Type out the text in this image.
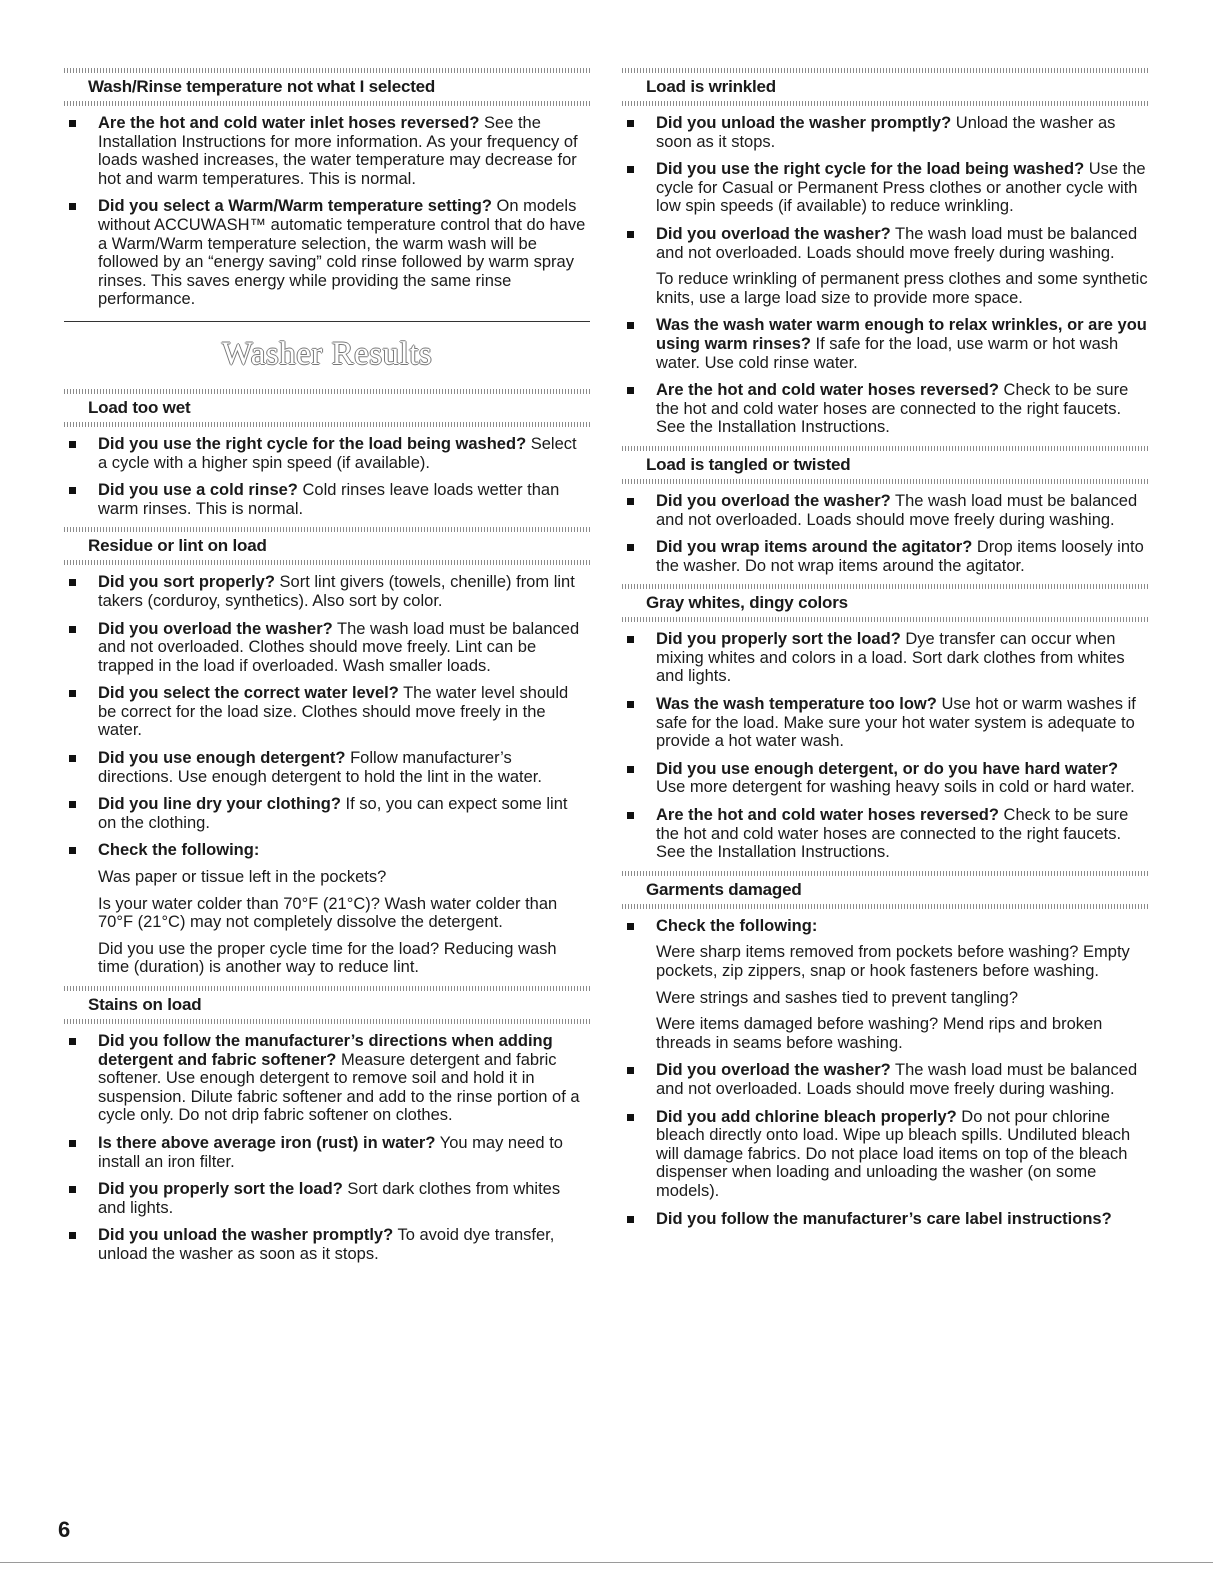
Wash/Rinse temperature not what I selected
Are the hot and cold water inlet hoses reversed? See the Installation Instructions for more information. As your frequency of loads washed increases, the water temperature may decrease for hot and warm temperatures. This is normal.
Did you select a Warm/Warm temperature setting? On models without ACCUWASH™ automatic temperature control that do have a Warm/Warm temperature selection, the warm wash will be followed by an “energy saving” cold rinse followed by warm spray rinses. This saves energy while providing the same rinse performance.
Washer Results
Load too wet
Did you use the right cycle for the load being washed? Select a cycle with a higher spin speed (if available).
Did you use a cold rinse? Cold rinses leave loads wetter than warm rinses. This is normal.
Residue or lint on load
Did you sort properly? Sort lint givers (towels, chenille) from lint takers (corduroy, synthetics). Also sort by color.
Did you overload the washer? The wash load must be balanced and not overloaded. Clothes should move freely. Lint can be trapped in the load if overloaded. Wash smaller loads.
Did you select the correct water level? The water level should be correct for the load size. Clothes should move freely in the water.
Did you use enough detergent? Follow manufacturer’s directions. Use enough detergent to hold the lint in the water.
Did you line dry your clothing? If so, you can expect some lint on the clothing.
Check the following:
Was paper or tissue left in the pockets?
Is your water colder than 70°F (21°C)? Wash water colder than 70°F (21°C) may not completely dissolve the detergent.
Did you use the proper cycle time for the load? Reducing wash time (duration) is another way to reduce lint.
Stains on load
Did you follow the manufacturer’s directions when adding detergent and fabric softener? Measure detergent and fabric softener. Use enough detergent to remove soil and hold it in suspension. Dilute fabric softener and add to the rinse portion of a cycle only. Do not drip fabric softener on clothes.
Is there above average iron (rust) in water? You may need to install an iron filter.
Did you properly sort the load? Sort dark clothes from whites and lights.
Did you unload the washer promptly? To avoid dye transfer, unload the washer as soon as it stops.
Load is wrinkled
Did you unload the washer promptly? Unload the washer as soon as it stops.
Did you use the right cycle for the load being washed? Use the cycle for Casual or Permanent Press clothes or another cycle with low spin speeds (if available) to reduce wrinkling.
Did you overload the washer? The wash load must be balanced and not overloaded. Loads should move freely during washing.
To reduce wrinkling of permanent press clothes and some synthetic knits, use a large load size to provide more space.
Was the wash water warm enough to relax wrinkles, or are you using warm rinses? If safe for the load, use warm or hot wash water. Use cold rinse water.
Are the hot and cold water hoses reversed? Check to be sure the hot and cold water hoses are connected to the right faucets. See the Installation Instructions.
Load is tangled or twisted
Did you overload the washer? The wash load must be balanced and not overloaded. Loads should move freely during washing.
Did you wrap items around the agitator? Drop items loosely into the washer. Do not wrap items around the agitator.
Gray whites, dingy colors
Did you properly sort the load? Dye transfer can occur when mixing whites and colors in a load. Sort dark clothes from whites and lights.
Was the wash temperature too low? Use hot or warm washes if safe for the load. Make sure your hot water system is adequate to provide a hot water wash.
Did you use enough detergent, or do you have hard water? Use more detergent for washing heavy soils in cold or hard water.
Are the hot and cold water hoses reversed? Check to be sure the hot and cold water hoses are connected to the right faucets. See the Installation Instructions.
Garments damaged
Check the following:
Were sharp items removed from pockets before washing? Empty pockets, zip zippers, snap or hook fasteners before washing.
Were strings and sashes tied to prevent tangling?
Were items damaged before washing? Mend rips and broken threads in seams before washing.
Did you overload the washer? The wash load must be balanced and not overloaded. Loads should move freely during washing.
Did you add chlorine bleach properly? Do not pour chlorine bleach directly onto load. Wipe up bleach spills. Undiluted bleach will damage fabrics. Do not place load items on top of the bleach dispenser when loading and unloading the washer (on some models).
Did you follow the manufacturer’s care label instructions?
6
